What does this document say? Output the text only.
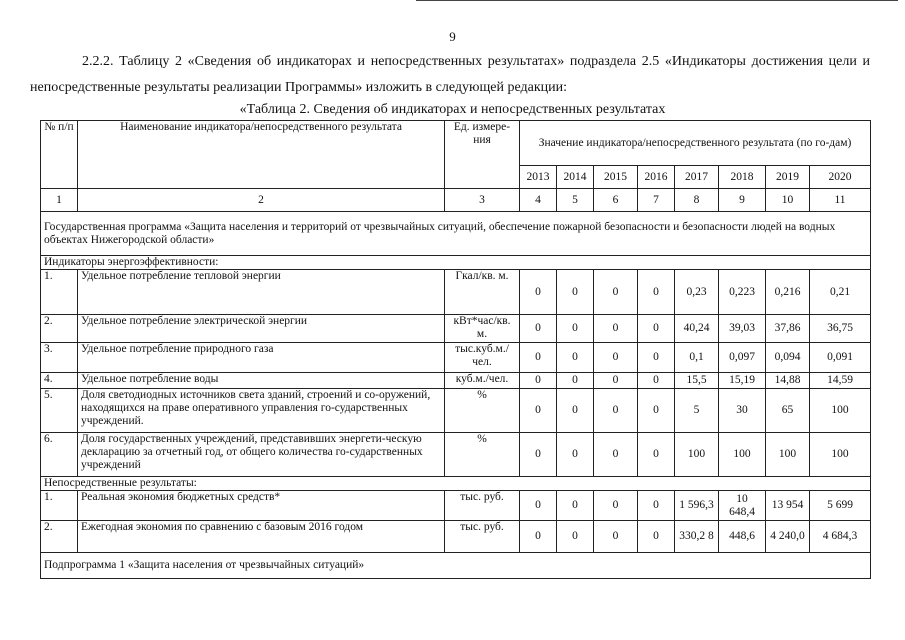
9
2.2.2. Таблицу 2 «Сведения об индикаторах и непосредственных результатах» подраздела 2.5 «Индикаторы достижения цели и непосредственные результаты реализации Программы» изложить в следующей редакции:
«Таблица 2. Сведения об индикаторах и непосредственных результатах
№ п/п	Наименование индикатора/непосредственного результата	Ед. измере-ния	Значение индикатора/непосредственного результата (по го-дам)							
			2013	2014	2015	2016	2017	2018	2019	2020
1	2	3	4	5	6	7	8	9	10	11
Государственная программа «Защита населения и территорий от чрезвычайных ситуаций, обеспечение пожарной безопасности и безопасности людей на водных объектах Нижегородской области»										
Индикаторы энергоэффективности:										
1.	Удельное потребление тепловой энергии	Гкал/кв. м.	0	0	0	0	0,23	0,223	0,216	0,21
2.	Удельное потребление электрической энергии	кВт*час/кв. м.	0	0	0	0	40,24	39,03	37,86	36,75
3.	Удельное потребление природного газа	тыс.куб.м./ чел.	0	0	0	0	0,1	0,097	0,094	0,091
4.	Удельное потребление воды	куб.м./чел.	0	0	0	0	15,5	15,19	14,88	14,59
5.	Доля светодиодных источников света зданий, строений и со-оружений, находящихся на праве оперативного управления го-сударственных учреждений.	%	0	0	0	0	5	30	65	100
6.	Доля государственных учреждений, представивших энергети-ческую декларацию за отчетный год, от общего количества го-сударственных учреждений	%	0	0	0	0	100	100	100	100
Непосредственные результаты:										
1.	Реальная экономия бюджетных средств*	тыс. руб.	0	0	0	0	1 596,3	10 648,4	13 954	5 699
2.	Ежегодная экономия по сравнению с базовым 2016 годом	тыс. руб.	0	0	0	0	330,2 8	448,6	4 240,0	4 684,3
Подпрограмма 1 «Защита населения от чрезвычайных ситуаций»										
